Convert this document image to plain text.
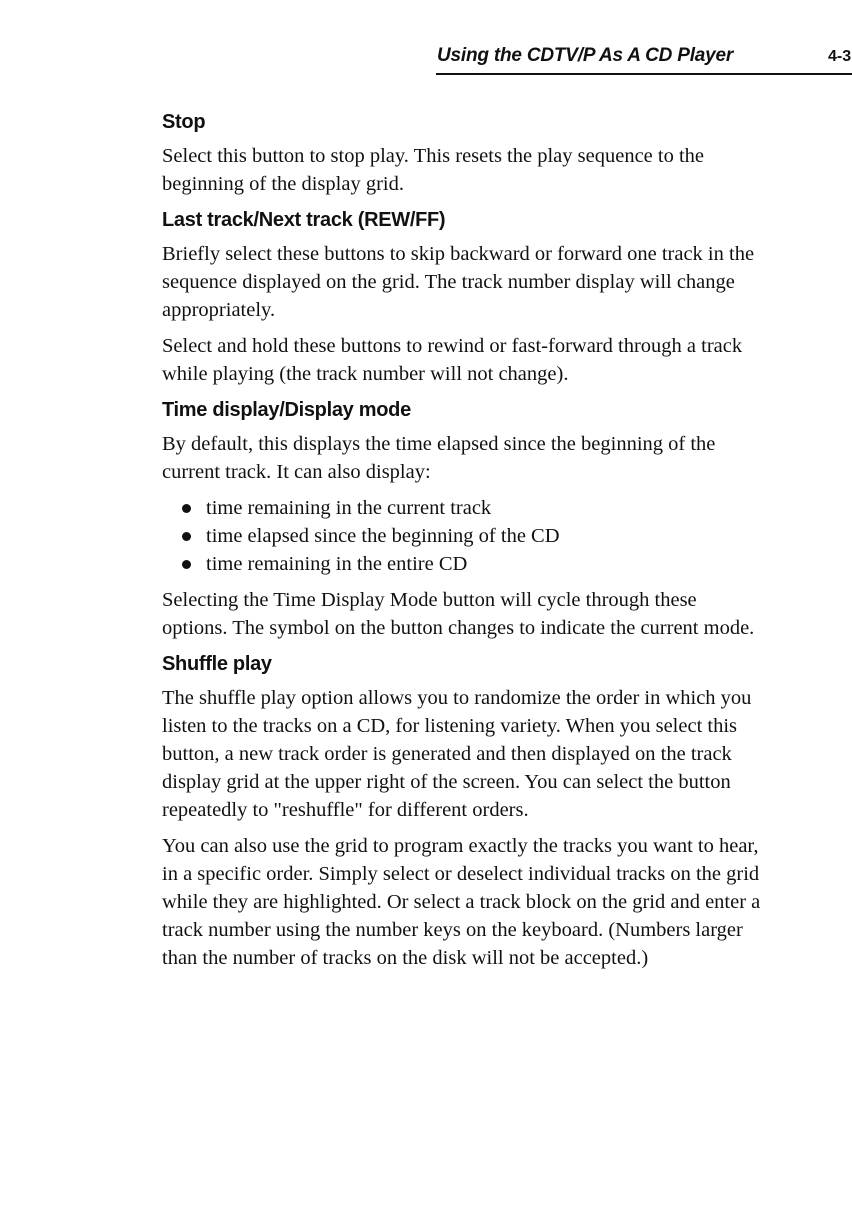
Using the CDTV/P As A CD Player	4-3
Stop

Select this button to stop play. This resets the play sequence to the beginning of the display grid.

Last track/Next track (REW/FF)

Briefly select these buttons to skip backward or forward one track in the sequence displayed on the grid. The track number display will change appropriately.

Select and hold these buttons to rewind or fast-forward through a track while playing (the track number will not change).

Time display/Display mode

By default, this displays the time elapsed since the beginning of the current track. It can also display:

time remaining in the current track
time elapsed since the beginning of the CD
time remaining in the entire CD

Selecting the Time Display Mode button will cycle through these options. The symbol on the button changes to indicate the current mode.

Shuffle play

The shuffle play option allows you to randomize the order in which you listen to the tracks on a CD, for listening variety. When you select this button, a new track order is generated and then displayed on the track display grid at the upper right of the screen. You can select the button repeatedly to "reshuffle" for different orders.

You can also use the grid to program exactly the tracks you want to hear, in a specific order. Simply select or deselect individual tracks on the grid while they are highlighted. Or select a track block on the grid and enter a track number using the number keys on the keyboard. (Numbers larger than the number of tracks on the disk will not be accepted.)
